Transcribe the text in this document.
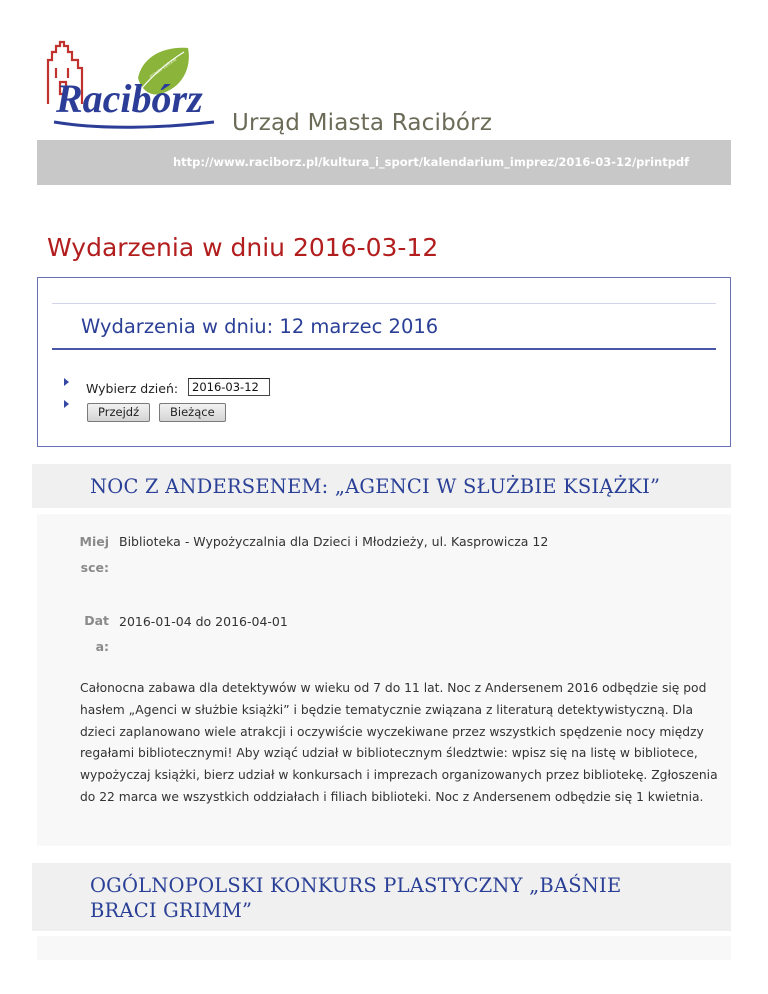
miasto zielone
Racibórz
Urząd Miasta Racibórz
http://www.raciborz.pl/kultura_i_sport/kalendarium_imprez/2016-03-12/printpdf
Wydarzenia w dniu 2016-03-12
Wydarzenia w dniu: 12 marzec 2016
Wybierz dzień:
2016-03-12
Przejdź	Bieżące
NOC Z ANDERSENEM: „AGENCI W SŁUŻBIE KSIĄŻKI”
Miejsce:
Biblioteka - Wypożyczalnia dla Dzieci i Młodzieży, ul. Kasprowicza 12
Data:
2016-01-04 do 2016-04-01
Całonocna zabawa dla detektywów w wieku od 7 do 11 lat. Noc z Andersenem 2016 odbędzie się pod hasłem „Agenci w służbie książki” i będzie tematycznie związana z literaturą detektywistyczną. Dla dzieci zaplanowano wiele atrakcji i oczywiście wyczekiwane przez wszystkich spędzenie nocy między regałami bibliotecznymi! Aby wziąć udział w bibliotecznym śledztwie: wpisz się na listę w bibliotece, wypożyczaj książki, bierz udział w konkursach i imprezach organizowanych przez bibliotekę. Zgłoszenia do 22 marca we wszystkich oddziałach i filiach biblioteki. Noc z Andersenem odbędzie się 1 kwietnia.
OGÓLNOPOLSKI KONKURS PLASTYCZNY „BAŚNIE BRACI GRIMM”
